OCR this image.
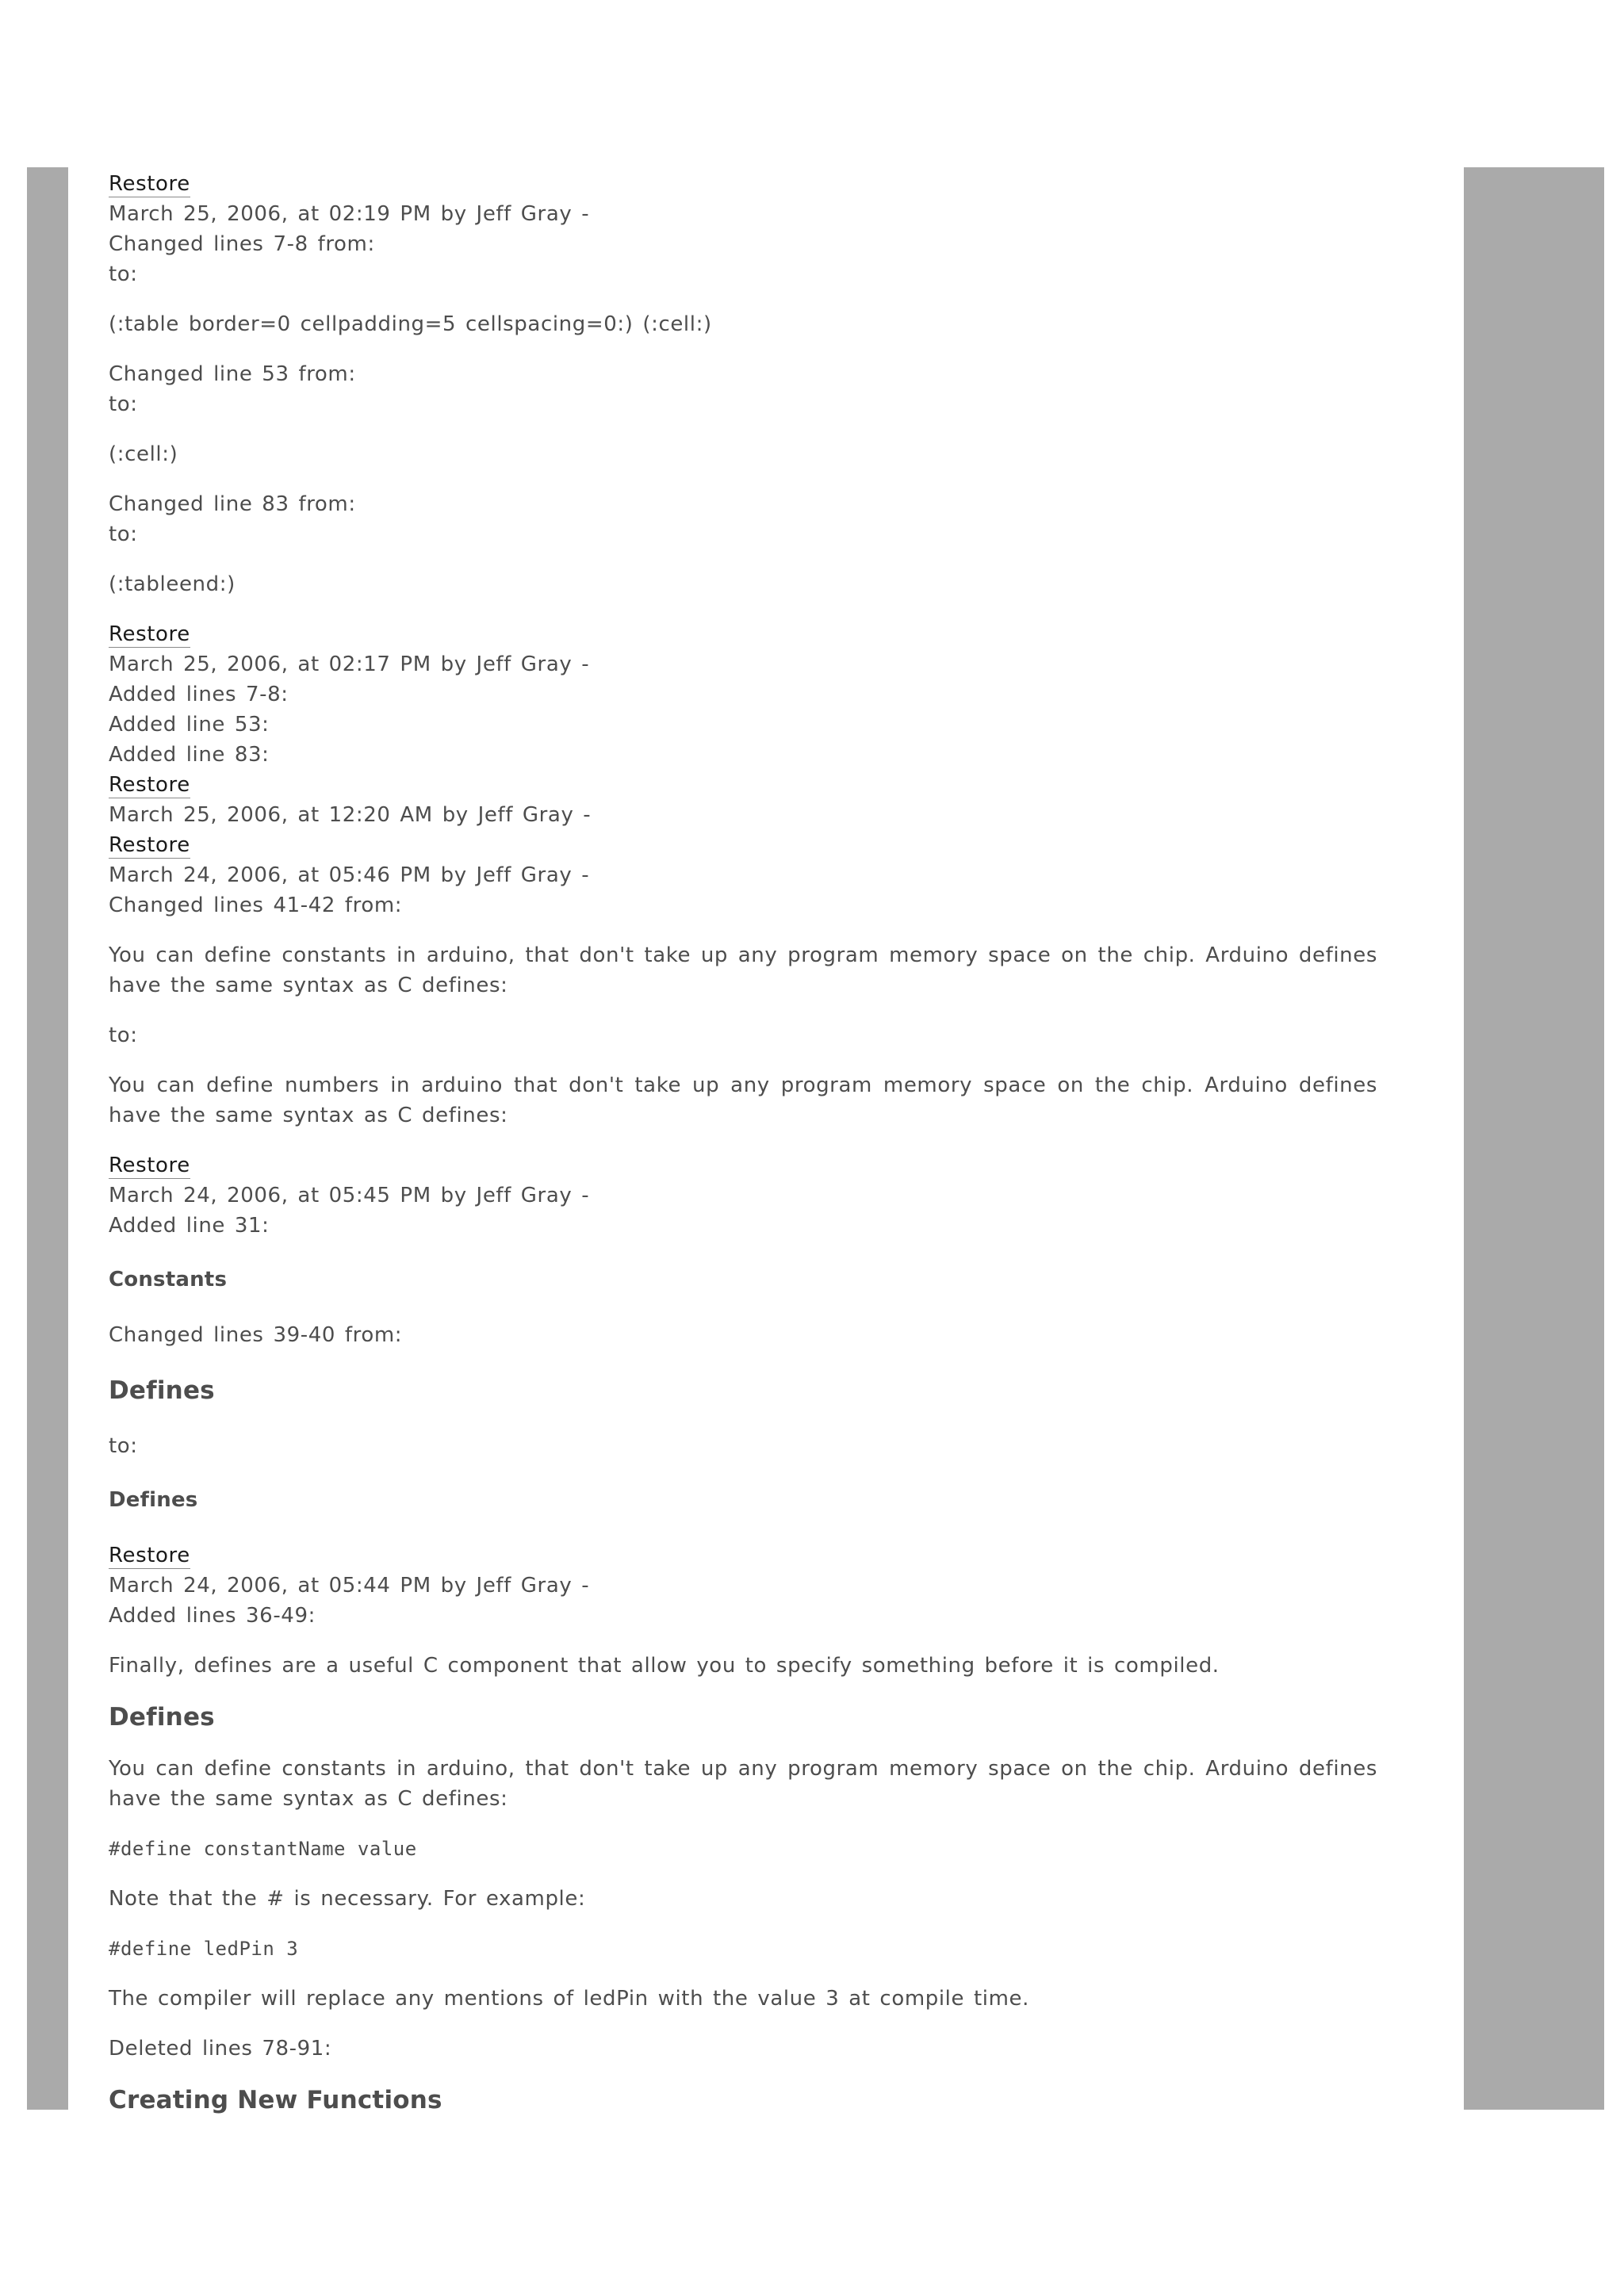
Restore
March 25, 2006, at 02:19 PM by Jeff Gray -
Changed lines 7-8 from:

to:

(:table border=0 cellpadding=5 cellspacing=0:) (:cell:)

Changed line 53 from:

to:

(:cell:)

Changed line 83 from:

to:

(:tableend:)

Restore
March 25, 2006, at 02:17 PM by Jeff Gray -
Added lines 7-8:
Added line 53:
Added line 83:
Restore
March 25, 2006, at 12:20 AM by Jeff Gray -
Restore
March 24, 2006, at 05:46 PM by Jeff Gray -

Changed lines 41-42 from:

You can define constants in arduino, that don't take up any program memory space on the chip. Arduino defines have the same syntax as C defines:

to:

You can define numbers in arduino that don't take up any program memory space on the chip. Arduino defines have the same syntax as C defines:

Restore
March 24, 2006, at 05:45 PM by Jeff Gray -

Added line 31:

Constants

Changed lines 39-40 from:

Defines

to:

Defines
Restore
March 24, 2006, at 05:44 PM by Jeff Gray -

Added lines 36-49:

Finally, defines are a useful C component that allow you to specify something before it is compiled.

Defines

You can define constants in arduino, that don't take up any program memory space on the chip. Arduino defines have the same syntax as C defines:

#define constantName value

Note that the # is necessary. For example:

#define ledPin 3

The compiler will replace any mentions of ledPin with the value 3 at compile time.

Deleted lines 78-91:

Creating New Functions
